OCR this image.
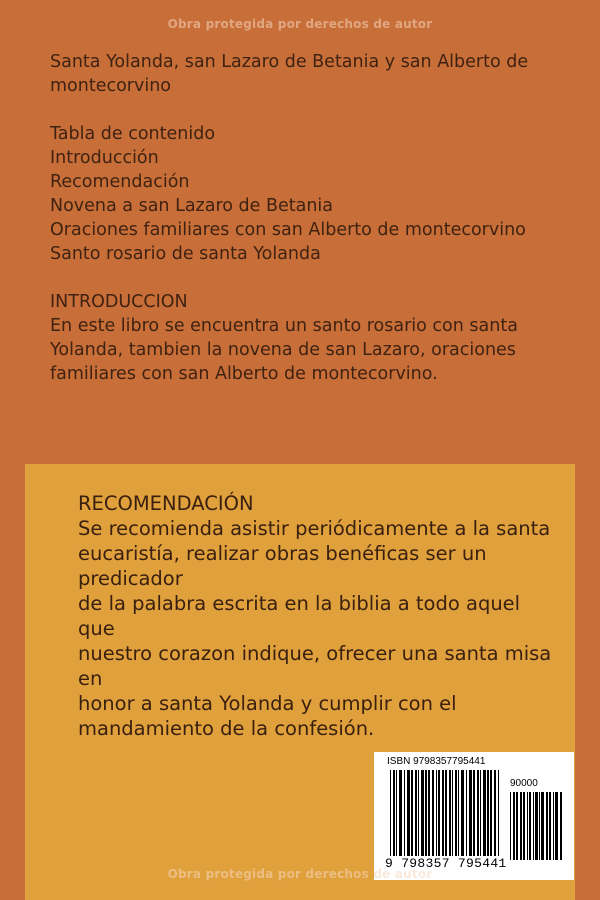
Obra protegida por derechos de autor

Santa Yolanda, san Lazaro de Betania y san Alberto de

montecorvino

Tabla de contenido

Introducción

Recomendación

Novena a san Lazaro de Betania

Oraciones familiares con san Alberto de montecorvino

Santo rosario de santa Yolanda

INTRODUCCION

En este libro se encuentra un santo rosario con santa

Yolanda, tambien la novena de san Lazaro, oraciones

familiares con san Alberto de montecorvino.

RECOMENDACIÓN

Se recomienda asistir periódicamente a la santa

eucaristía, realizar obras benéficas ser un predicador

de la palabra escrita en la biblia a todo aquel que

nuestro corazon indique, ofrecer una santa misa en

honor a santa Yolanda y cumplir con el

mandamiento de la confesión.

ISBN 9798357795441
90000
9 798357 795441
Obra protegida por derechos de autor
